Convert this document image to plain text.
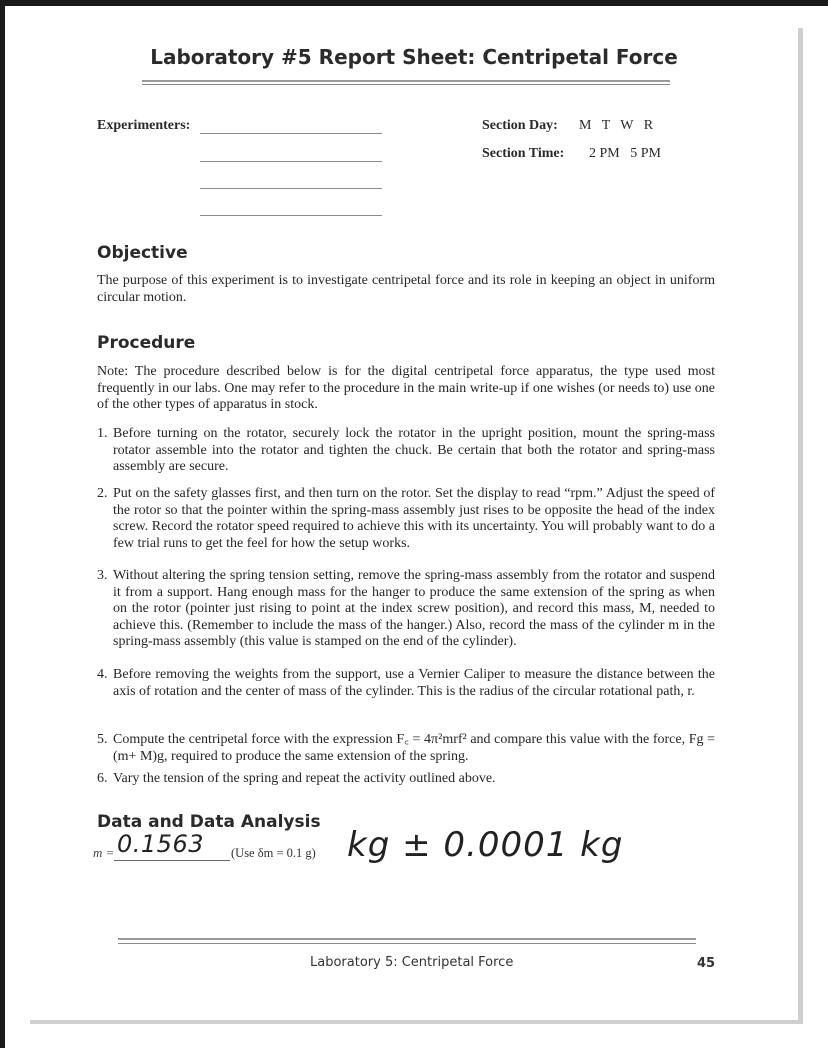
Laboratory #5 Report Sheet: Centripetal Force
Experimenters:	Section Day: M   T   W   R
Section Time: 2 PM   5 PM
Objective
The purpose of this experiment is to investigate centripetal force and its role in keeping an object in uniform circular motion.
Procedure
Note: The procedure described below is for the digital centripetal force apparatus, the type used most frequently in our labs. One may refer to the procedure in the main write-up if one wishes (or needs to) use one of the other types of apparatus in stock.
1. Before turning on the rotator, securely lock the rotator in the upright position, mount the spring-mass rotator assemble into the rotator and tighten the chuck. Be certain that both the rotator and spring-mass assembly are secure.
2. Put on the safety glasses first, and then turn on the rotor. Set the display to read “rpm.” Adjust the speed of the rotor so that the pointer within the spring-mass assembly just rises to be opposite the head of the index screw. Record the rotator speed required to achieve this with its uncertainty. You will probably want to do a few trial runs to get the feel for how the setup works.
3. Without altering the spring tension setting, remove the spring-mass assembly from the rotator and suspend it from a support. Hang enough mass for the hanger to produce the same extension of the spring as when on the rotor (pointer just rising to point at the index screw position), and record this mass, M, needed to achieve this. (Remember to include the mass of the hanger.) Also, record the mass of the cylinder m in the spring-mass assembly (this value is stamped on the end of the cylinder).
4. Before removing the weights from the support, use a Vernier Caliper to measure the distance between the axis of rotation and the center of mass of the cylinder. This is the radius of the circular rotational path, r.
5. Compute the centripetal force with the expression F꜀ = 4π²mrf² and compare this value with the force, Fg = (m+ M)g, required to produce the same extension of the spring.
6. Vary the tension of the spring and repeat the activity outlined above.
Data and Data Analysis
m = 0.1563 (Use δm = 0.1 g) kg ± 0.0001 kg
Laboratory 5: Centripetal Force	45
